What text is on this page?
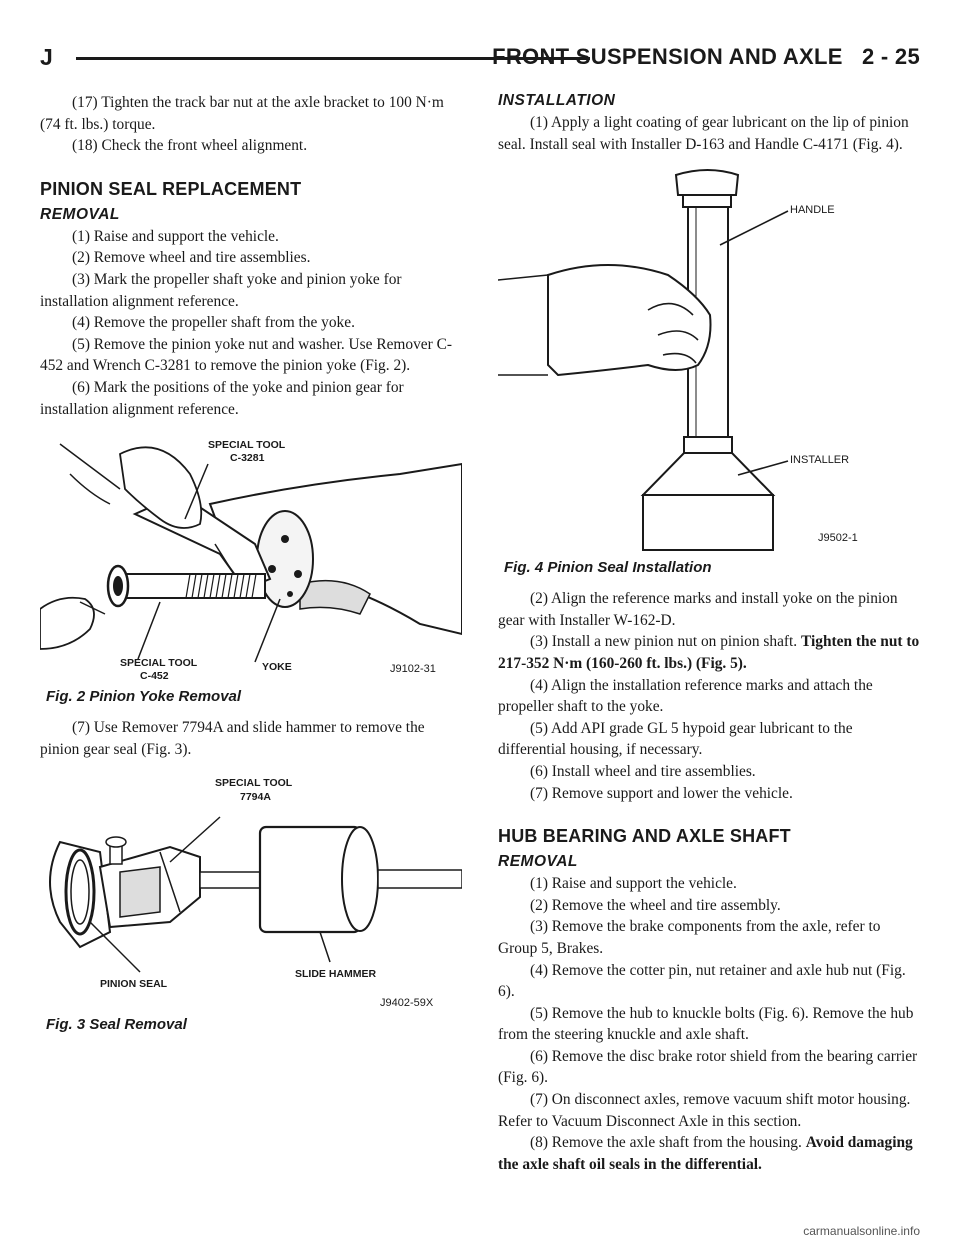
J	FRONT SUSPENSION AND AXLE 2 - 25

(17) Tighten the track bar nut at the axle bracket to 100 N·m (74 ft. lbs.) torque.

(18) Check the front wheel alignment.

PINION SEAL REPLACEMENT
REMOVAL

(1) Raise and support the vehicle.

(2) Remove wheel and tire assemblies.

(3) Mark the propeller shaft yoke and pinion yoke for installation alignment reference.

(4) Remove the propeller shaft from the yoke.

(5) Remove the pinion yoke nut and washer. Use Remover C-452 and Wrench C-3281 to remove the pinion yoke (Fig. 2).

(6) Mark the positions of the yoke and pinion gear for installation alignment reference.

SPECIAL TOOL
C-3281
SPECIAL TOOL
C-452
YOKE	J9102-31
Fig. 2 Pinion Yoke Removal

(7) Use Remover 7794A and slide hammer to remove the pinion gear seal (Fig. 3).

SPECIAL TOOL
7794A
PINION SEAL
SLIDE HAMMER
J9402-59X
Fig. 3 Seal Removal
INSTALLATION

(1) Apply a light coating of gear lubricant on the lip of pinion seal. Install seal with Installer D-163 and Handle C-4171 (Fig. 4).

HANDLE
INSTALLER
J9502-1
Fig. 4 Pinion Seal Installation

(2) Align the reference marks and install yoke on the pinion gear with Installer W-162-D.

(3) Install a new pinion nut on pinion shaft. Tighten the nut to 217-352 N·m (160-260 ft. lbs.) (Fig. 5).

(4) Align the installation reference marks and attach the propeller shaft to the yoke.

(5) Add API grade GL 5 hypoid gear lubricant to the differential housing, if necessary.

(6) Install wheel and tire assemblies.

(7) Remove support and lower the vehicle.

HUB BEARING AND AXLE SHAFT
REMOVAL

(1) Raise and support the vehicle.

(2) Remove the wheel and tire assembly.

(3) Remove the brake components from the axle, refer to Group 5, Brakes.

(4) Remove the cotter pin, nut retainer and axle hub nut (Fig. 6).

(5) Remove the hub to knuckle bolts (Fig. 6). Remove the hub from the steering knuckle and axle shaft.

(6) Remove the disc brake rotor shield from the bearing carrier (Fig. 6).

(7) On disconnect axles, remove vacuum shift motor housing. Refer to Vacuum Disconnect Axle in this section.

(8) Remove the axle shaft from the housing. Avoid damaging the axle shaft oil seals in the differential.

carmanualsonline.info
